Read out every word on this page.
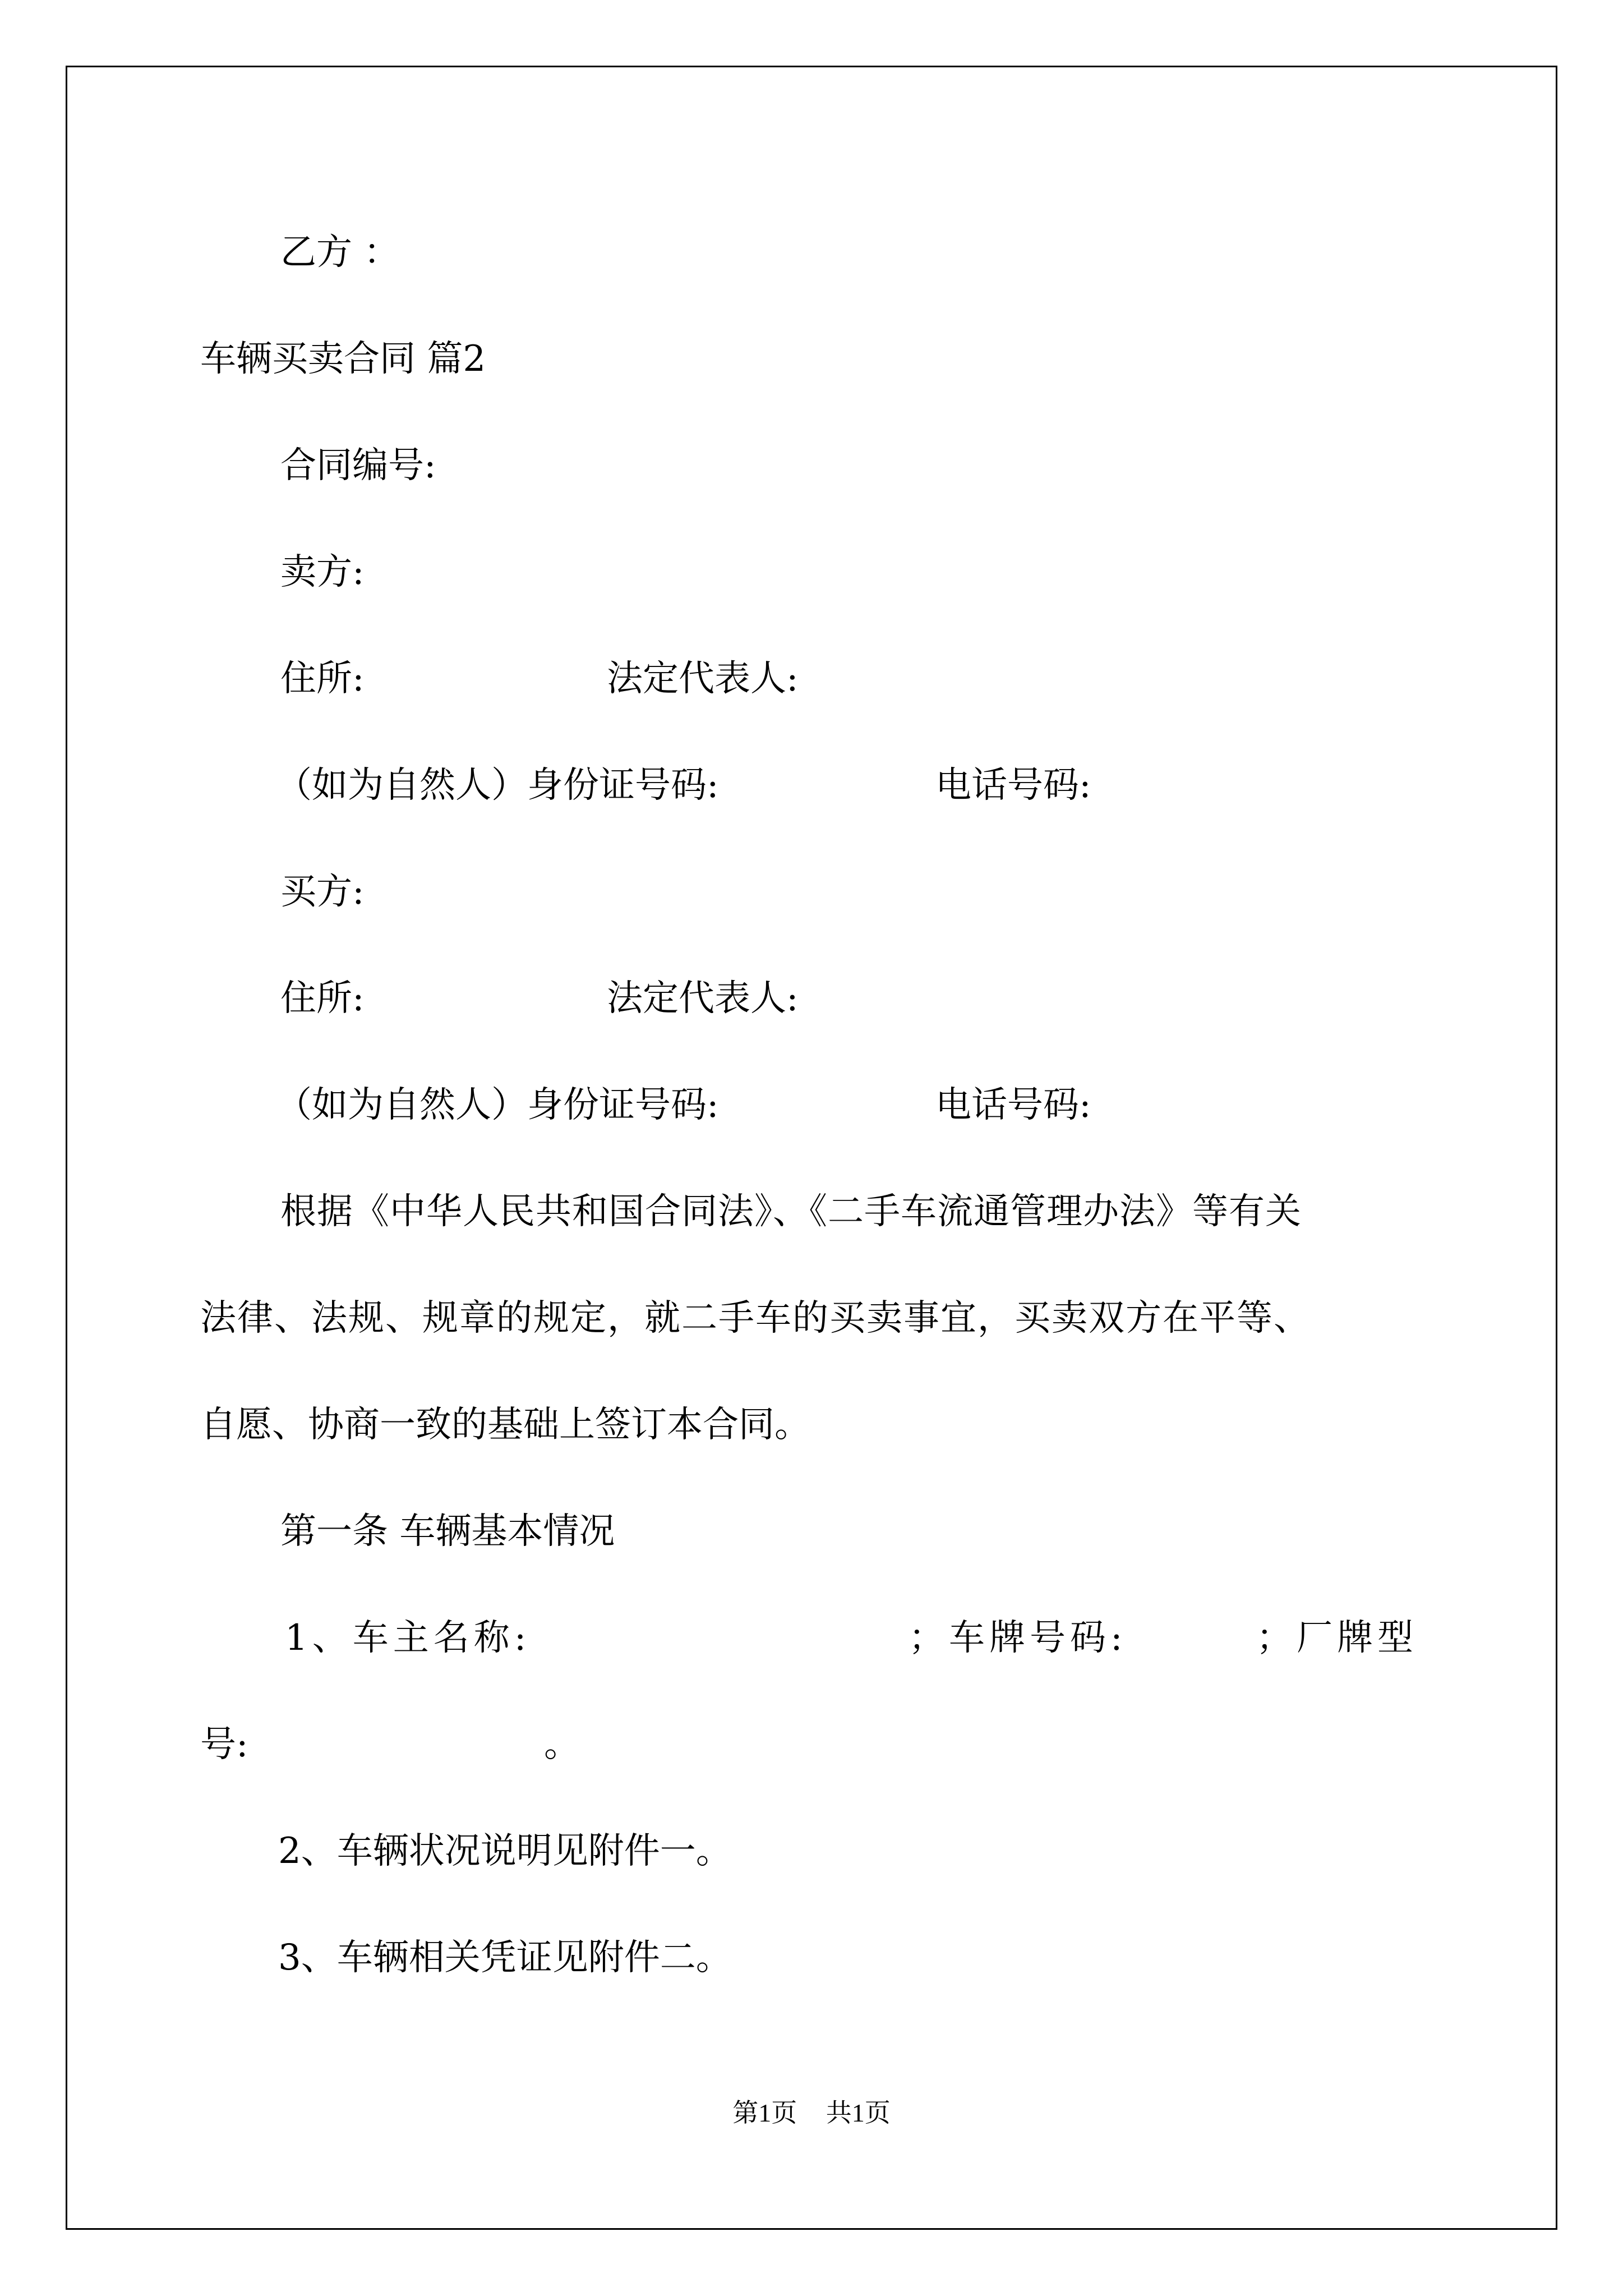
乙方 ：

车辆买卖合同 篇2

合同编号:

卖方:

住所:	法定代表人:

（如为自然人）身份证号码:	电话号码:

买方:

住所:	法定代表人:

（如为自然人）身份证号码:	电话号码:

根据《中华人民共和国合同法》、《二手车流通管理办法》等有关

法律、法规、规章的规定，就二手车的买卖事宜，买卖双方在平等、

自愿、协商一致的基础上签订本合同。

第一条 车辆基本情况

1、车主名称:	；车牌号码:	；厂牌型

号:	。

2、车辆状况说明见附件一。

3、车辆相关凭证见附件二。

第1页 共1页
